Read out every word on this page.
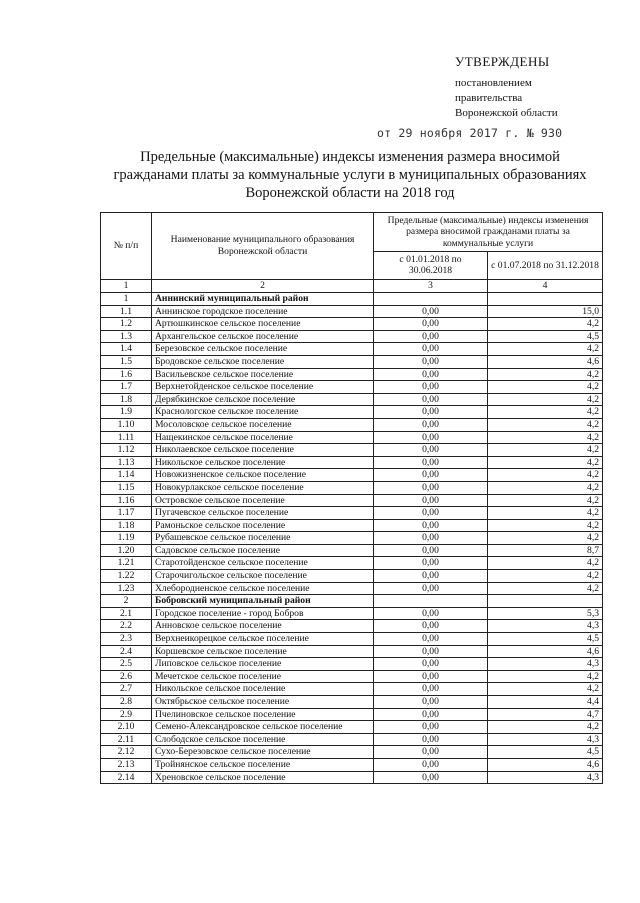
УТВЕРЖДЕНЫ
постановлением
правительства
Воронежской области
от 29 ноября 2017 г. № 930
Предельные (максимальные) индексы изменения размера вносимой
гражданами платы за коммунальные услуги в муниципальных образованиях
Воронежской области на 2018 год
№ п/п	Наименование муниципального образования Воронежской области	Предельные (максимальные) индексы изменения размера вносимой гражданами платы за коммунальные услуги	
		с 01.01.2018 по 30.06.2018	с 01.07.2018 по 31.12.2018
1	2	3	4
1	Аннинский муниципальный район		
1.1	Аннинское городское поселение	0,00	15,0
1.2	Артюшкинское сельское поселение	0,00	4,2
1.3	Архангельское сельское поселение	0,00	4,5
1.4	Березовское сельское поселение	0,00	4,2
1.5	Бродовское сельское поселение	0,00	4,6
1.6	Васильевское сельское поселение	0,00	4,2
1.7	Верхнетойденское сельское поселение	0,00	4,2
1.8	Дерябкинское сельское поселение	0,00	4,2
1.9	Краснологское сельское поселение	0,00	4,2
1.10	Мосоловское сельское поселение	0,00	4,2
1.11	Нащекинское сельское поселение	0,00	4,2
1.12	Николаевское сельское поселение	0,00	4,2
1.13	Никольское сельское поселение	0,00	4,2
1.14	Новожизненское сельское поселение	0,00	4,2
1.15	Новокурлакское сельское поселение	0,00	4,2
1.16	Островское сельское поселение	0,00	4,2
1.17	Пугачевское сельское поселение	0,00	4,2
1.18	Рамоньское сельское поселение	0,00	4,2
1.19	Рубашевское сельское поселение	0,00	4,2
1.20	Садовское сельское поселение	0,00	8,7
1.21	Старотойденское сельское поселение	0,00	4,2
1.22	Старочигольское сельское поселение	0,00	4,2
1.23	Хлебородненское сельское поселение	0,00	4,2
2	Бобровский муниципальный район		
2.1	Городское поселение - город Бобров	0,00	5,3
2.2	Анновское сельское поселение	0,00	4,3
2.3	Верхнеикорецкое сельское поселение	0,00	4,5
2.4	Коршевское сельское поселение	0,00	4,6
2.5	Липовское сельское поселение	0,00	4,3
2.6	Мечетское сельское поселение	0,00	4,2
2.7	Никольское сельское поселение	0,00	4,2
2.8	Октябрьское сельское поселение	0,00	4,4
2.9	Пчелиновское сельское поселение	0,00	4,7
2.10	Семено-Александровское сельское поселение	0,00	4,2
2.11	Слободское сельское поселение	0,00	4,3
2.12	Сухо-Березовское сельское поселение	0,00	4,5
2.13	Тройнянское сельское поселение	0,00	4,6
2.14	Хреновское сельское поселение	0,00	4,3
